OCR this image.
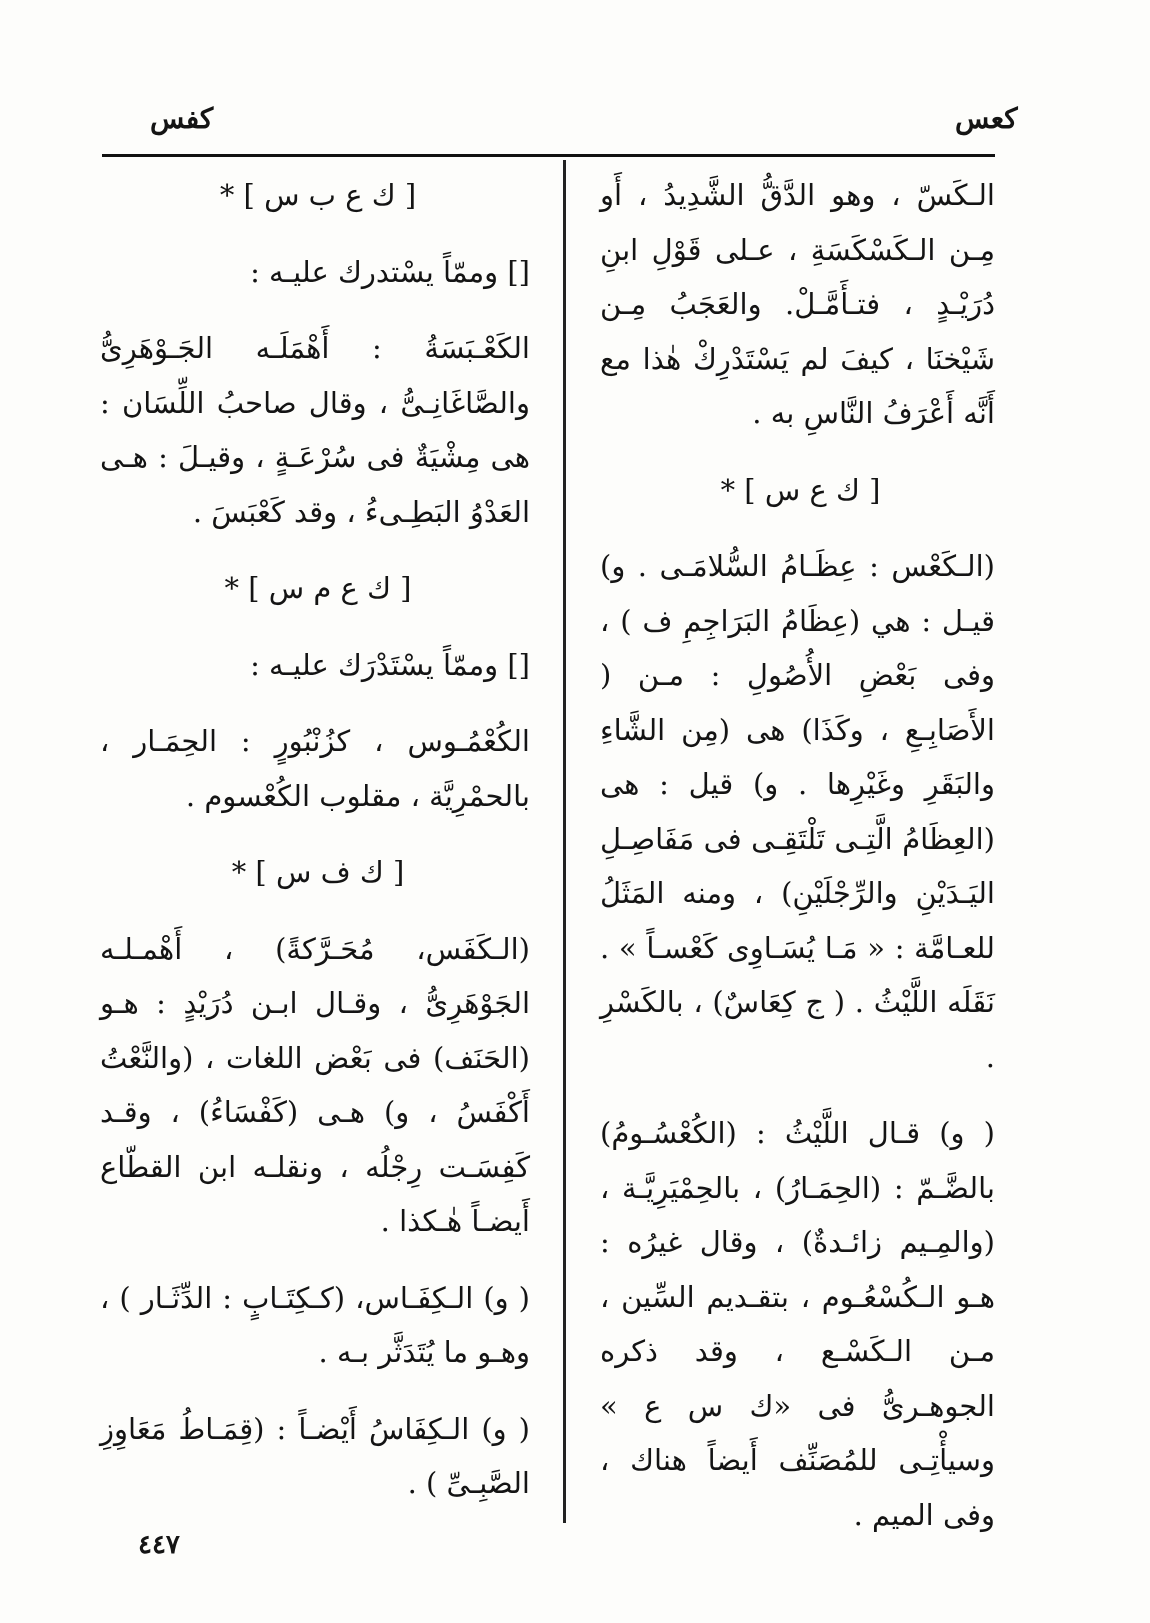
كفس	كعس

الـكَسّ ، وهو الدَّقُّ الشَّدِيدُ ، أَو مِـن الـكَسْكَسَةِ ، عـلى قَوْلِ ابنِ دُرَيْـدٍ ، فتـأَمَّـلْ. والعَجَبُ مِـن شَيْخنَا ، كيفَ لم يَسْتَدْرِكْ هٰذا مع أَنَّه أَعْرَفُ النَّاسِ به .

[ ك ع س ] *

(الـكَعْس : عِظَـامُ السُّلامَـى . و) قيـل : هي (عِظَامُ البَرَاجِمِ ف ) ، وفى بَعْضِ الأُصُولِ : مـن ( الأَصَابِـعِ ، وكَذَا) هى (مِن الشَّاءِ والبَقَرِ وغَيْرِها . و) قيل : هى (العِظَامُ الَّتِـى تَلْتَقِـى فى مَفَاصِـلِ اليَـدَيْنِ والرِّجْلَيْنِ) ، ومنه المَثَلُ للعـامَّة : « مَـا يُسَـاوِى كَعْسـاً » . نَقَلَه اللَّيْثُ . ( ج كِعَاسٌ) ، بالكَسْرِ .

( و) قـال اللَّيْثُ : (الكُعْسُـومُ) بالضَّـمّ : (الحِمَـارُ) ، بالحِمْيَرِيَّـة ، (والمِـيم زائـدةٌ) ، وقال غيرُه : هـو الـكُسْعُـوم ، بتقـديم السِّين ، مـن الـكَسْـع ، وقد ذكره الجوهـرىُّ فى «ك س ع » وسيأْتِـى للمُصَنِّف أَيضاً هناك ، وفى الميم .

[ ك ع ب س ] *

[] وممّاً يسْتدرك عليـه :

الكَعْـبَسَةُ : أَهْمَلَـه الجَـوْهَرِىُّ والصَّاغَانِـىُّ ، وقال صاحبُ اللِّسَان : هى مِشْيَةٌ فى سُرْعَـةٍ ، وقيـلَ : هـى العَدْوُ البَطِـىءُ ، وقد كَعْبَسَ .

[ ك ع م س ] *

[] وممّاً يسْتَدْرَك عليـه :

الكُعْمُـوس ، كزُنْبُورٍ : الحِمَـار ، بالحمْرِيَّة ، مقلوب الكُعْسوم .

[ ك ف س ] *

(الـكَفَس، مُحَـرَّكةً) ، أَهْمـلـه الجَوْهَرِىُّ ، وقـال ابـن دُرَيْدٍ : هـو (الحَنَف) فى بَعْض اللغات ، (والنَّعْتُ أَكْفَسُ ، و) هـى (كَفْسَاءُ) ، وقـد كَفِسَـت رِجْلُه ، ونقلـه ابن القطّاع أَيضـاً هٰـكذا .

( و) الـكِفَـاس، (كـكِتَـابٍ : الدِّثَـار ) ، وهـو ما يُتَدَثَّر بـه .

( و) الـكِفَاسُ أَيْضـاً : (قِمَـاطُ مَعَاوِزِ الصَّبِـىِّ ) .

٤٤٧
